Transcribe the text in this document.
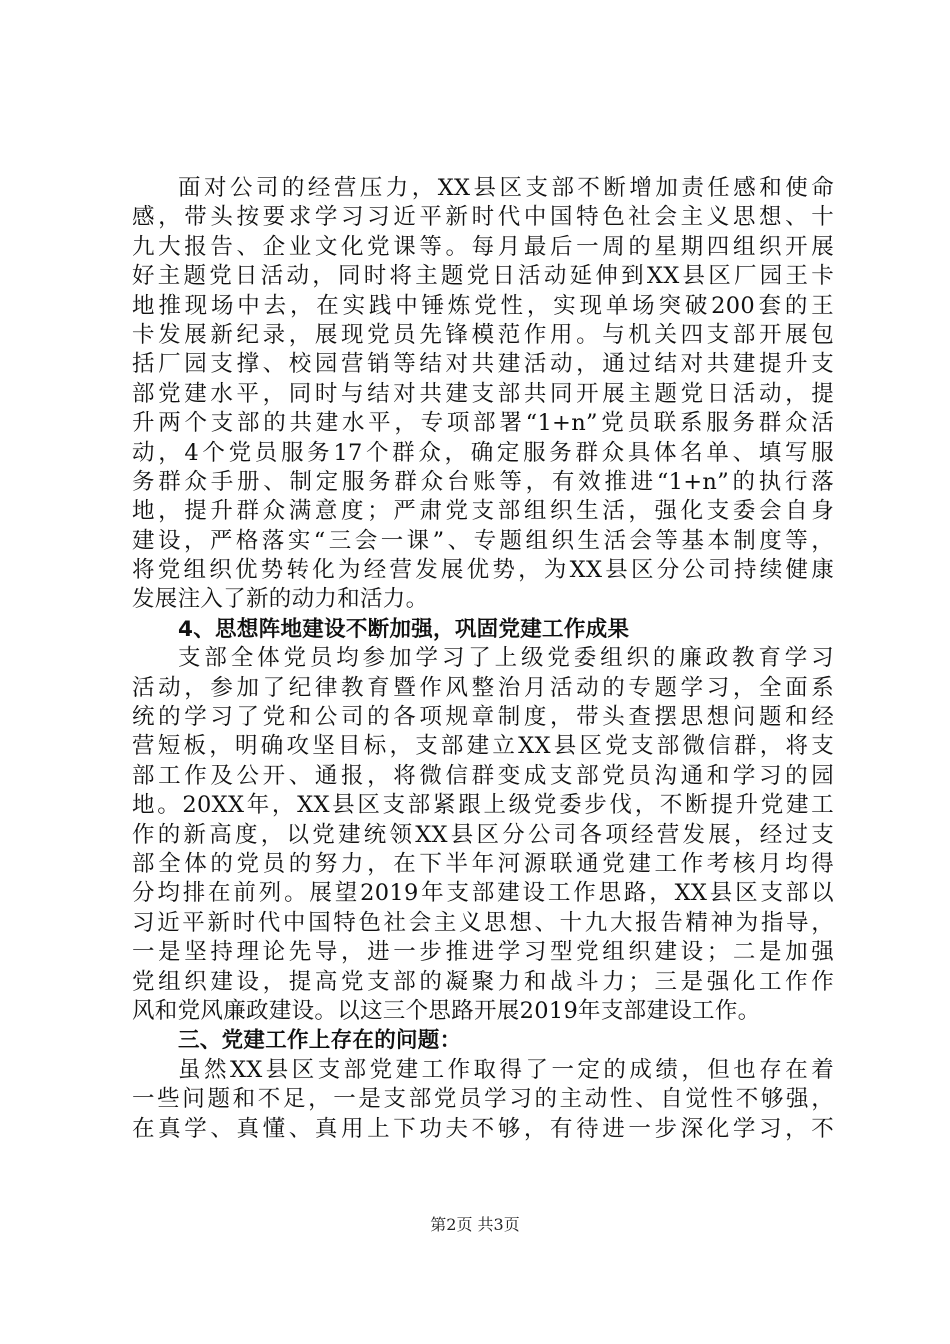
面对公司的经营压力，XX县区支部不断增加责任感和使命
感，带头按要求学习习近平新时代中国特色社会主义思想、十
九大报告、企业文化党课等。每月最后一周的星期四组织开展
好主题党日活动，同时将主题党日活动延伸到XX县区厂园王卡
地推现场中去，在实践中锤炼党性，实现单场突破200套的王
卡发展新纪录，展现党员先锋模范作用。与机关四支部开展包
括厂园支撑、校园营销等结对共建活动，通过结对共建提升支
部党建水平，同时与结对共建支部共同开展主题党日活动，提
升两个支部的共建水平，专项部署“1+n”党员联系服务群众活
动，4个党员服务17个群众，确定服务群众具体名单、填写服
务群众手册、制定服务群众台账等，有效推进“1+n”的执行落
地，提升群众满意度；严肃党支部组织生活，强化支委会自身
建设，严格落实“三会一课”、专题组织生活会等基本制度等，
将党组织优势转化为经营发展优势，为XX县区分公司持续健康
发展注入了新的动力和活力。
4、思想阵地建设不断加强，巩固党建工作成果
支部全体党员均参加学习了上级党委组织的廉政教育学习
活动，参加了纪律教育暨作风整治月活动的专题学习，全面系
统的学习了党和公司的各项规章制度，带头查摆思想问题和经
营短板，明确攻坚目标，支部建立XX县区党支部微信群，将支
部工作及公开、通报，将微信群变成支部党员沟通和学习的园
地。20XX年，XX县区支部紧跟上级党委步伐，不断提升党建工
作的新高度，以党建统领XX县区分公司各项经营发展，经过支
部全体的党员的努力，在下半年河源联通党建工作考核月均得
分均排在前列。展望2019年支部建设工作思路，XX县区支部以
习近平新时代中国特色社会主义思想、十九大报告精神为指导，
一是坚持理论先导，进一步推进学习型党组织建设；二是加强
党组织建设，提高党支部的凝聚力和战斗力；三是强化工作作
风和党风廉政建设。以这三个思路开展2019年支部建设工作。
三、党建工作上存在的问题：
虽然XX县区支部党建工作取得了一定的成绩，但也存在着
一些问题和不足，一是支部党员学习的主动性、自觉性不够强，
在真学、真懂、真用上下功夫不够，有待进一步深化学习，不
第2页 共3页
